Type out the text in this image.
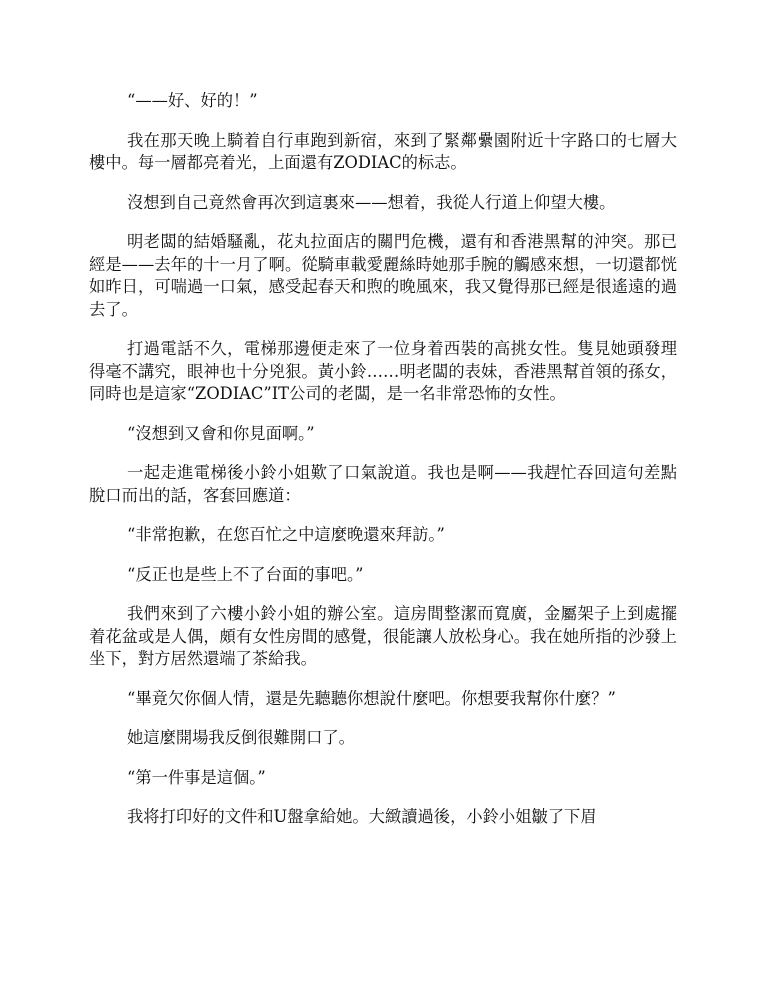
“——好、好的！”

我在那天晚上騎着自行車跑到新宿，來到了緊鄰纍園附近十字路口的七層大樓中。每一層都亮着光，上面還有ZODIAC的标志。

沒想到自己竟然會再次到這裏來——想着，我從人行道上仰望大樓。

明老闆的結婚騷亂，花丸拉面店的關門危機，還有和香港黑幫的沖突。那已經是——去年的十一月了啊。從騎車載愛麗絲時她那手腕的觸感來想，一切還都恍如昨日，可喘過一口氣，感受起春天和煦的晚風來，我又覺得那已經是很遙遠的過去了。

打過電話不久，電梯那邊便走來了一位身着西裝的高挑女性。隻見她頭發理得毫不講究，眼神也十分兇狠。黃小鈴……明老闆的表妹，香港黑幫首領的孫女，同時也是這家“ZODIAC”IT公司的老闆，是一名非常恐怖的女性。

“沒想到又會和你見面啊。”

一起走進電梯後小鈴小姐歎了口氣說道。我也是啊——我趕忙吞回這句差點脫口而出的話，客套回應道：

“非常抱歉，在您百忙之中這麼晚還來拜訪。”

“反正也是些上不了台面的事吧。”

我們來到了六樓小鈴小姐的辦公室。這房間整潔而寬廣，金屬架子上到處擺着花盆或是人偶，頗有女性房間的感覺，很能讓人放松身心。我在她所指的沙發上坐下，對方居然還端了茶給我。

“畢竟欠你個人情，還是先聽聽你想說什麼吧。你想要我幫你什麼？”

她這麼開場我反倒很難開口了。

“第一件事是這個。”

我将打印好的文件和U盤拿給她。大緻讀過後，小鈴小姐皺了下眉
